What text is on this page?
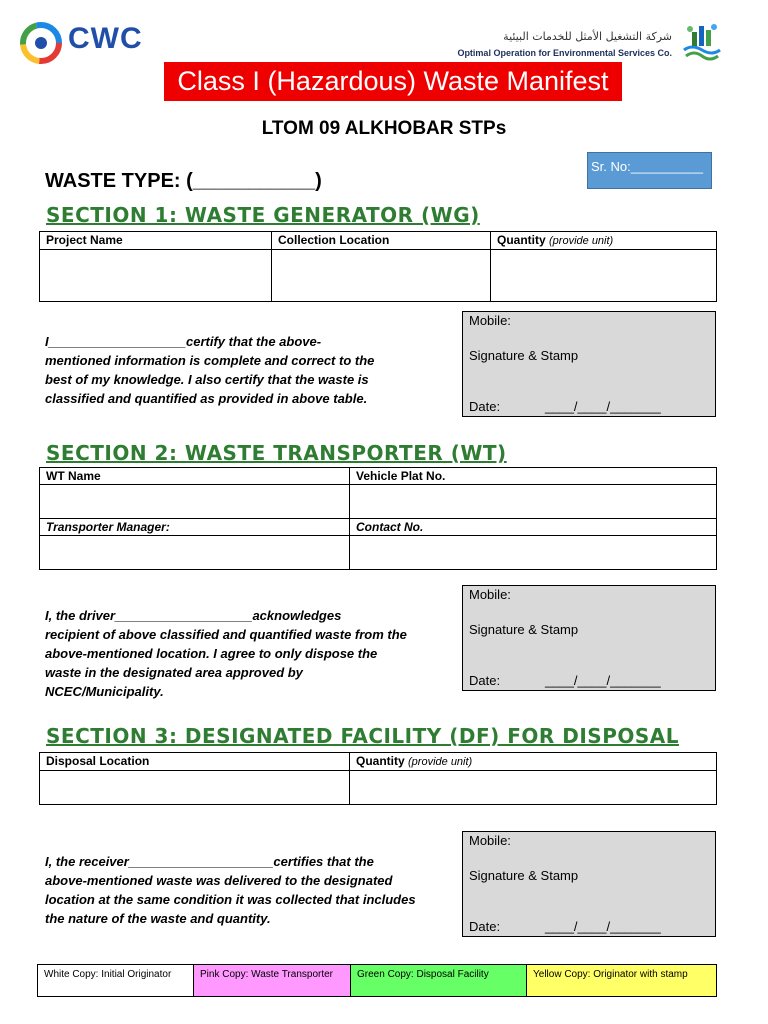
CWC	شركة التشغيل الأمثل للخدمات البيئية
Optimal Operation for Environmental Services Co.
Class I (Hazardous) Waste Manifest
LTOM 09 ALKHOBAR STPs
WASTE TYPE: (___________)
Sr. No:__________
SECTION 1: WASTE GENERATOR (WG)
Project Name	Collection Location	Quantity (provide unit)

I___________________certify that the above-
mentioned information is complete and correct to the
best of my knowledge. I also certify that the waste is
classified and quantified as provided in above table.
Mobile:
Signature & Stamp
Date:	____/____/_______
SECTION 2: WASTE TRANSPORTER (WT)
WT Name	Vehicle Plat No.

Transporter Manager:	Contact No.

I, the driver___________________acknowledges
recipient of above classified and quantified waste from the
above-mentioned location. I agree to only dispose the
waste in the designated area approved by
NCEC/Municipality.
Mobile:
Signature & Stamp
Date:	____/____/_______
SECTION 3: DESIGNATED FACILITY (DF) FOR DISPOSAL
Disposal Location	Quantity (provide unit)

I, the receiver____________________certifies that the
above-mentioned waste was delivered to the designated
location at the same condition it was collected that includes
the nature of the waste and quantity.
Mobile:
Signature & Stamp
Date:	____/____/_______
White Copy: Initial Originator	Pink Copy: Waste Transporter	Green Copy: Disposal Facility	Yellow Copy: Originator with stamp
